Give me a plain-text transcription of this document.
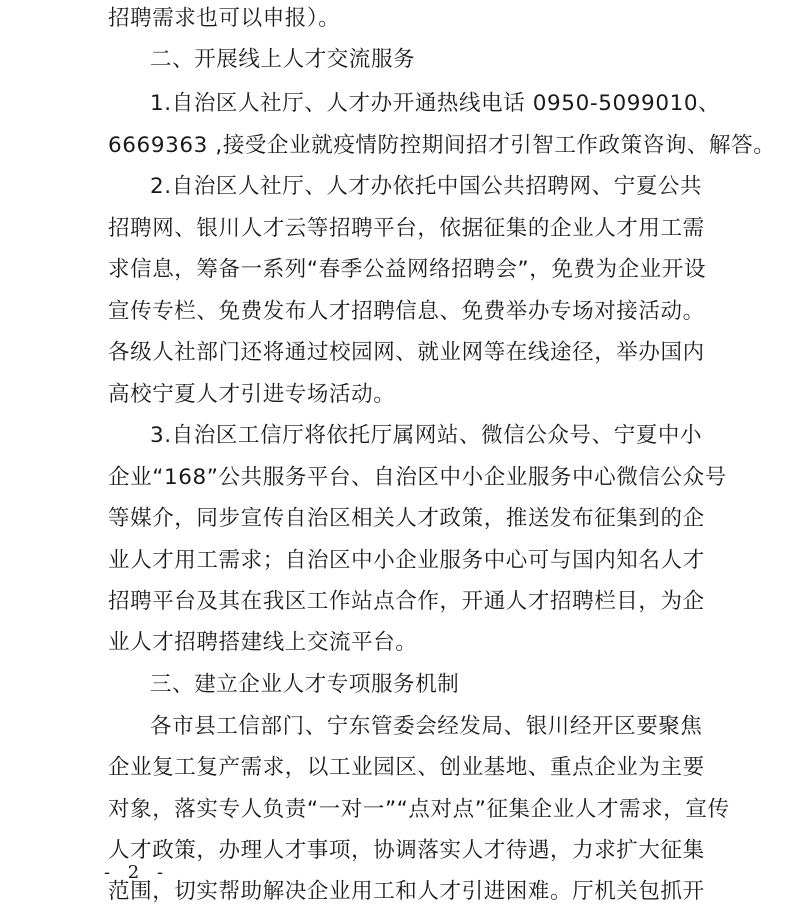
招聘需求也可以申报）。
二、开展线上人才交流服务
1.自治区人社厅、人才办开通热线电话 0950-5099010、
6669363 ,接受企业就疫情防控期间招才引智工作政策咨询、解答。
2.自治区人社厅、人才办依托中国公共招聘网、宁夏公共
招聘网、银川人才云等招聘平台，依据征集的企业人才用工需
求信息，筹备一系列“春季公益网络招聘会”，免费为企业开设
宣传专栏、免费发布人才招聘信息、免费举办专场对接活动。
各级人社部门还将通过校园网、就业网等在线途径，举办国内
高校宁夏人才引进专场活动。
3.自治区工信厅将依托厅属网站、微信公众号、宁夏中小
企业“168”公共服务平台、自治区中小企业服务中心微信公众号
等媒介，同步宣传自治区相关人才政策，推送发布征集到的企
业人才用工需求；自治区中小企业服务中心可与国内知名人才
招聘平台及其在我区工作站点合作，开通人才招聘栏目，为企
业人才招聘搭建线上交流平台。
三、建立企业人才专项服务机制
各市县工信部门、宁东管委会经发局、银川经开区要聚焦
企业复工复产需求，以工业园区、创业基地、重点企业为主要
对象，落实专人负责“一对一”“点对点”征集企业人才需求，宣传
人才政策，办理人才事项，协调落实人才待遇，力求扩大征集
范围，切实帮助解决企业用工和人才引进困难。厅机关包抓开
- 2 -
